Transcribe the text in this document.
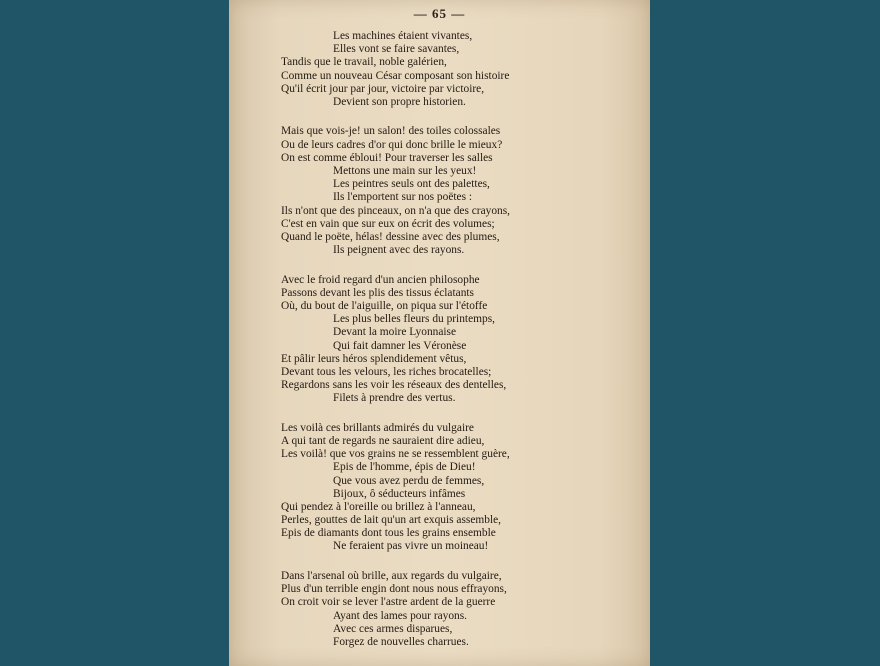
— 65 —
Les machines étaient vivantes,
Elles vont se faire savantes,
Tandis que le travail, noble galérien,
Comme un nouveau César composant son histoire
Qu'il écrit jour par jour, victoire par victoire,
Devient son propre historien.
Mais que vois-je! un salon! des toiles colossales
Ou de leurs cadres d'or qui donc brille le mieux?
On est comme ébloui! Pour traverser les salles
Mettons une main sur les yeux!
Les peintres seuls ont des palettes,
Ils l'emportent sur nos poëtes :
Ils n'ont que des pinceaux, on n'a que des crayons,
C'est en vain que sur eux on écrit des volumes;
Quand le poëte, hélas! dessine avec des plumes,
Ils peignent avec des rayons.
Avec le froid regard d'un ancien philosophe
Passons devant les plis des tissus éclatants
Où, du bout de l'aiguille, on piqua sur l'étoffe
Les plus belles fleurs du printemps,
Devant la moire Lyonnaise
Qui fait damner les Véronèse
Et pâlir leurs héros splendidement vêtus,
Devant tous les velours, les riches brocatelles;
Regardons sans les voir les réseaux des dentelles,
Filets à prendre des vertus.
Les voilà ces brillants admirés du vulgaire
A qui tant de regards ne sauraient dire adieu,
Les voilà! que vos grains ne se ressemblent guère,
Epis de l'homme, épis de Dieu!
Que vous avez perdu de femmes,
Bijoux, ô séducteurs infâmes
Qui pendez à l'oreille ou brillez à l'anneau,
Perles, gouttes de lait qu'un art exquis assemble,
Epis de diamants dont tous les grains ensemble
Ne feraient pas vivre un moineau!
Dans l'arsenal où brille, aux regards du vulgaire,
Plus d'un terrible engin dont nous nous effrayons,
On croit voir se lever l'astre ardent de la guerre
Ayant des lames pour rayons.
Avec ces armes disparues,
Forgez de nouvelles charrues.
